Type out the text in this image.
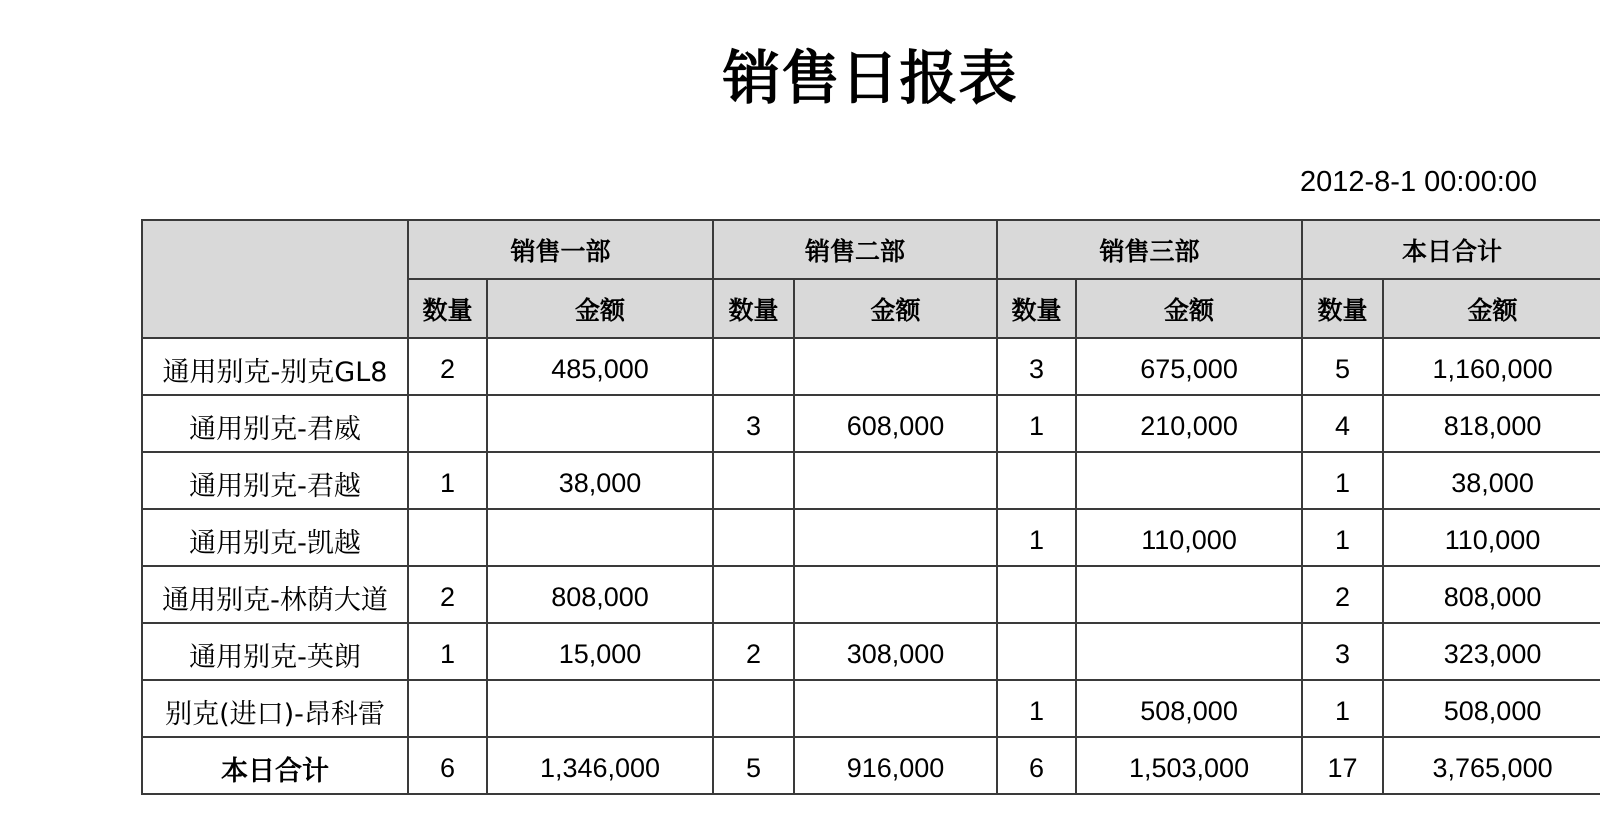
销售日报表
2012-8-1 00:00:00
	销售一部		销售二部		销售三部		本日合计	
	数量	金额	数量	金额	数量	金额	数量	金额
通用别克-别克GL8	2	485,000			3	675,000	5	1,160,000
通用别克-君威			3	608,000	1	210,000	4	818,000
通用别克-君越	1	38,000					1	38,000
通用别克-凯越					1	110,000	1	110,000
通用别克-林荫大道	2	808,000					2	808,000
通用别克-英朗	1	15,000	2	308,000			3	323,000
别克(进口)-昂科雷					1	508,000	1	508,000
本日合计	6	1,346,000	5	916,000	6	1,503,000	17	3,765,000
